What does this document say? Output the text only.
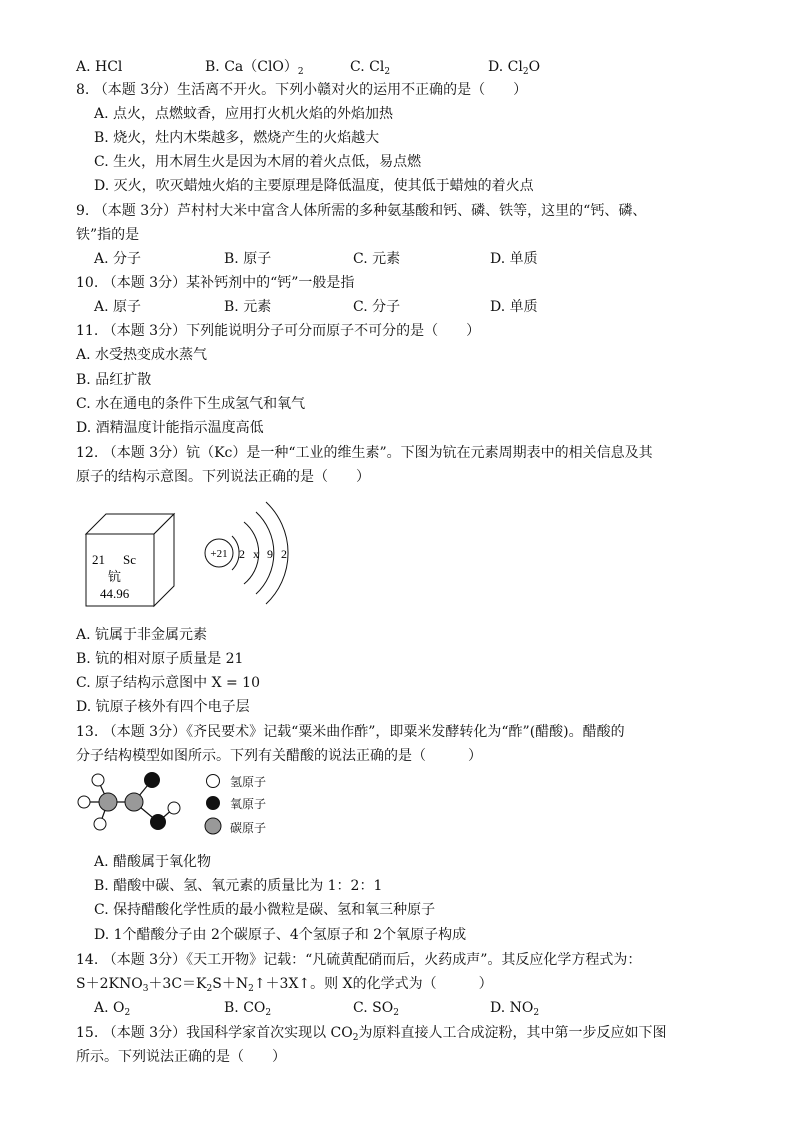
A. HCl	B. $Ca(ClO)_2$	C. $Cl_2$	D. $Cl_2O$
8. （本题 3分）生活离不开火。下列小赣对火的运用不正确的是（　　）
A. 点火，点燃蚊香，应用打火机火焰的外焰加热
B. 烧火，灶内木柴越多，燃烧产生的火焰越大
C. 生火，用木屑生火是因为木屑的着火点低，易点燃
D. 灭火，吹灭蜡烛火焰的主要原理是降低温度，使其低于蜡烛的着火点
9. （本题 3分）芦村村大米中富含人体所需的多种氨基酸和钙、磷、铁等，这里的“钙、磷、
铁”指的是
A. 分子	B. 原子	C. 元素	D. 单质
10. （本题 3分）某补钙剂中的“钙”一般是指
A. 原子	B. 元素	C. 分子	D. 单质
11. （本题 3分）下列能说明分子可分而原子不可分的是（　　）
A. 水受热变成水蒸气
B. 品红扩散
C. 水在通电的条件下生成氢气和氧气
D. 酒精温度计能指示温度高低
12. （本题 3分）钪（Kc）是一种“工业的维生素”。下图为钪在元素周期表中的相关信息及其
原子的结构示意图。下列说法正确的是（　　）
21 Sc
钪
44.96
+21 2 x 9 2
A. 钪属于非金属元素
B. 钪的相对原子质量是 21
C. 原子结构示意图中 X = 10
D. 钪原子核外有四个电子层
13. （本题 3分）《齐民要术》记载“粟米曲作酢”，即粟米发酵转化为“酢”(醋酸)。醋酸的
分子结构模型如图所示。下列有关醋酸的说法正确的是（　　　）
氢原子
氧原子
碳原子
A. 醋酸属于氧化物
B. 醋酸中碳、氢、氧元素的质量比为 1：2：1
C. 保持醋酸化学性质的最小微粒是碳、氢和氧三种原子
D. 1个醋酸分子由 2个碳原子、4个氢原子和 2个氧原子构成
14. （本题 3分）《天工开物》记载：“凡硫黄配硝而后，火药成声”。其反应化学方程式为：
$S+2KNO_3+3C=K_2S+N_2↑+3X↑$。则 X的化学式为（　　　）
A. $O_2$	B. $CO_2$	C. $SO_2$	D. $NO_2$
15. （本题 3分）我国科学家首次实现以 $CO_2$为原料直接人工合成淀粉，其中第一步反应如下图
所示。下列说法正确的是（　　）
